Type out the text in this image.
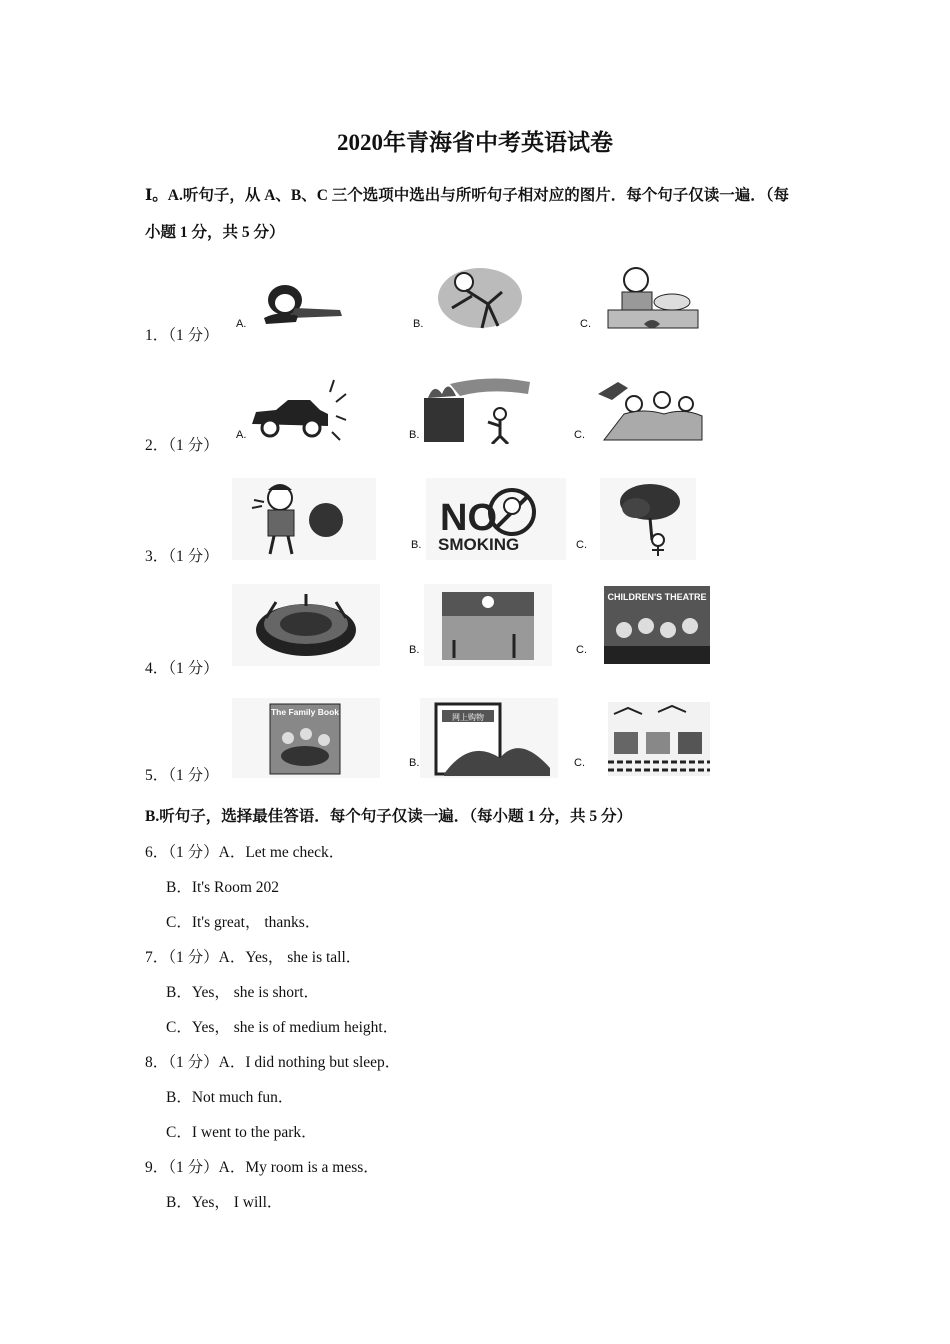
2020年青海省中考英语试卷
Ⅰ。A.听句子，从 A、B、C 三个选项中选出与所听句子相对应的图片．每个句子仅读一遍．（每
小题 1 分，共 5 分）
1．（1 分）
A.	B.	C.
2．（1 分）
A.	B.	C.
3．（1 分）
B.
NO
SMOKING	C.
4．（1 分）
B.	C.
CHILDREN'S THEATRE
5．（1 分）
The Family Book
B.
网上购物
C.
B.听句子，选择最佳答语．每个句子仅读一遍．（每小题 1 分，共 5 分）
6．（1 分）A．Let me check．
B．It's Room 202
C．It's great， thanks．
7．（1 分）A．Yes， she is tall．
B．Yes， she is short．
C．Yes， she is of medium height．
8．（1 分）A．I did nothing but sleep．
B．Not much fun．
C．I went to the park．
9．（1 分）A．My room is a mess．
B．Yes， I will．
